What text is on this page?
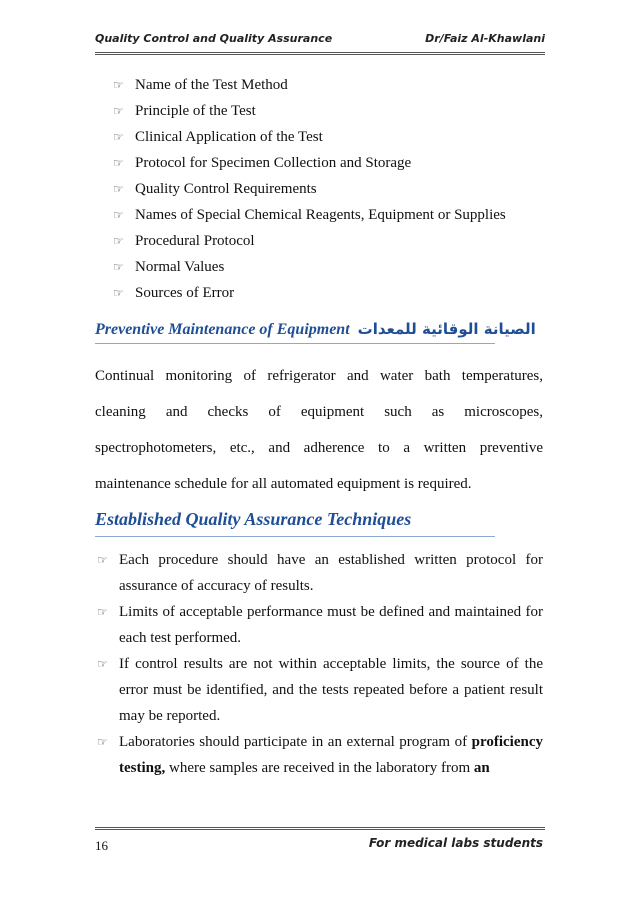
Quality Control and Quality Assurance	Dr/Faiz Al-Khawlani
☞ Name of the Test Method
☞ Principle of the Test
☞ Clinical Application of the Test
☞ Protocol for Specimen Collection and Storage
☞ Quality Control Requirements
☞ Names of Special Chemical Reagents, Equipment or Supplies
☞ Procedural Protocol
☞ Normal Values
☞ Sources of Error
Preventive Maintenance of Equipment الصيانة الوقائية للمعدات

Continual monitoring of refrigerator and water bath temperatures, cleaning and checks of equipment such as microscopes, spectrophotometers, etc., and adherence to a written preventive maintenance schedule for all automated equipment is required.

Established Quality Assurance Techniques
☞ Each procedure should have an established written protocol for assurance of accuracy of results.
☞ Limits of acceptable performance must be defined and maintained for each test performed.
☞ If control results are not within acceptable limits, the source of the error must be identified, and the tests repeated before a patient result may be reported.
☞ Laboratories should participate in an external program of proficiency testing, where samples are received in the laboratory from an
16	For medical labs students
